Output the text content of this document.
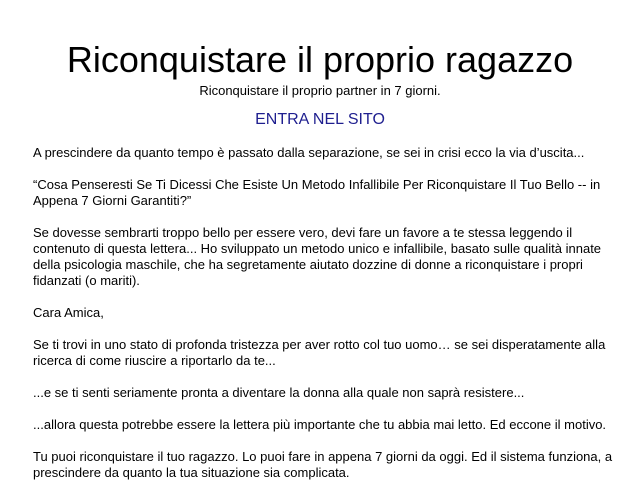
Riconquistare il proprio ragazzo
Riconquistare il proprio partner in 7 giorni.
ENTRA NEL SITO

A prescindere da quanto tempo è passato dalla separazione, se sei in crisi ecco la via d’uscita...

“Cosa Penseresti Se Ti Dicessi Che Esiste Un Metodo Infallibile Per Riconquistare Il Tuo Bello -- in Appena 7 Giorni Garantiti?”

Se dovesse sembrarti troppo bello per essere vero, devi fare un favore a te stessa leggendo il contenuto di questa lettera... Ho sviluppato un metodo unico e infallibile, basato sulle qualità innate della psicologia maschile, che ha segretamente aiutato dozzine di donne a riconquistare i propri fidanzati (o mariti).

Cara Amica,

Se ti trovi in uno stato di profonda tristezza per aver rotto col tuo uomo… se sei disperatamente alla ricerca di come riuscire a riportarlo da te...

...e se ti senti seriamente pronta a diventare la donna alla quale non saprà resistere...

...allora questa potrebbe essere la lettera più importante che tu abbia mai letto. Ed eccone il motivo.

Tu puoi riconquistare il tuo ragazzo. Lo puoi fare in appena 7 giorni da oggi. Ed il sistema funziona, a prescindere da quanto la tua situazione sia complicata.
